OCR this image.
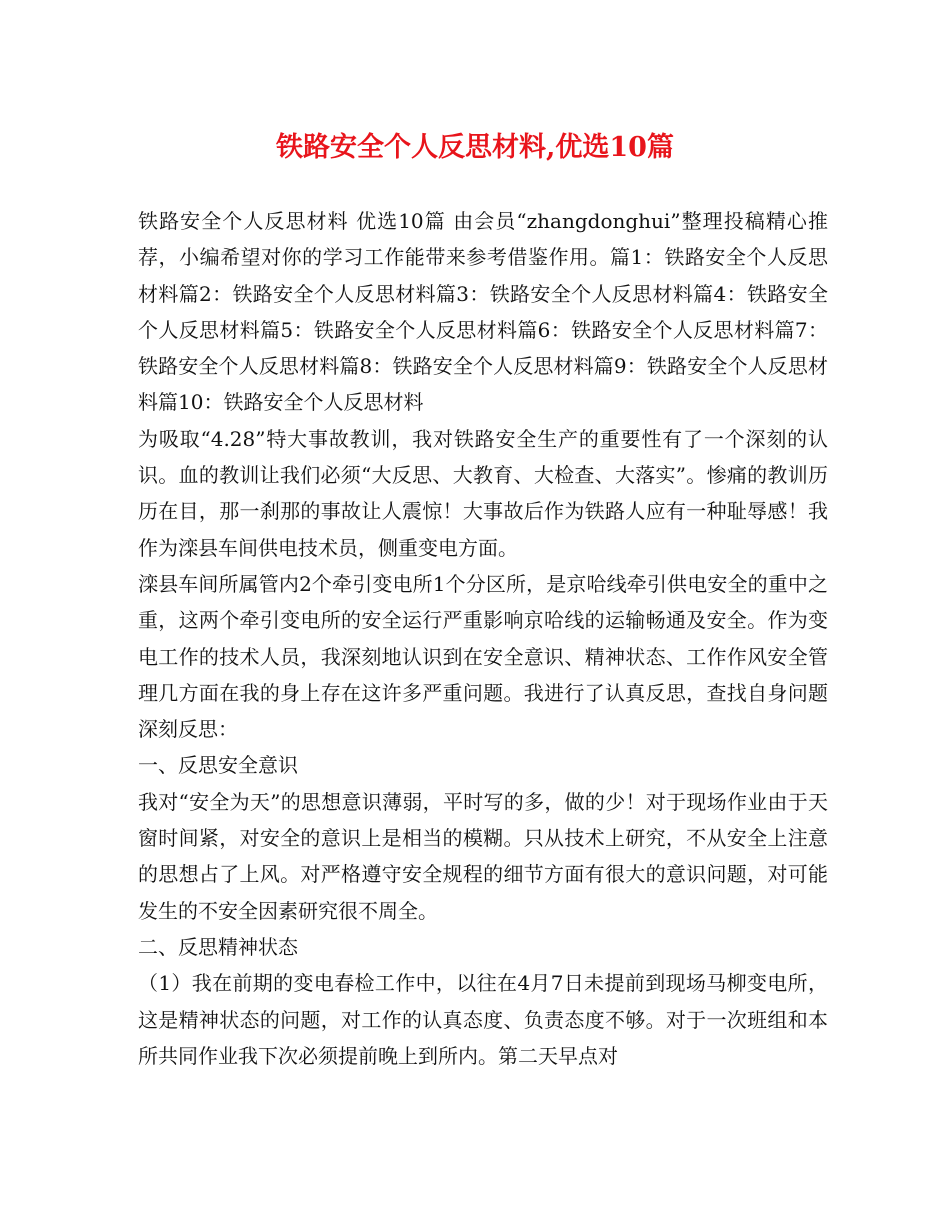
铁路安全个人反思材料,优选10篇

铁路安全个人反思材料 优选10篇 由会员“zhangdonghui”整理投稿精心推荐，小编希望对你的学习工作能带来参考借鉴作用。篇1：铁路安全个人反思材料篇2：铁路安全个人反思材料篇3：铁路安全个人反思材料篇4：铁路安全个人反思材料篇5：铁路安全个人反思材料篇6：铁路安全个人反思材料篇7：铁路安全个人反思材料篇8：铁路安全个人反思材料篇9：铁路安全个人反思材料篇10：铁路安全个人反思材料

为吸取“4.28”特大事故教训，我对铁路安全生产的重要性有了一个深刻的认识。血的教训让我们必须“大反思、大教育、大检查、大落实”。惨痛的教训历历在目，那一刹那的事故让人震惊！大事故后作为铁路人应有一种耻辱感！我作为滦县车间供电技术员，侧重变电方面。

滦县车间所属管内2个牵引变电所1个分区所，是京哈线牵引供电安全的重中之重，这两个牵引变电所的安全运行严重影响京哈线的运输畅通及安全。作为变电工作的技术人员，我深刻地认识到在安全意识、精神状态、工作作风安全管理几方面在我的身上存在这许多严重问题。我进行了认真反思，查找自身问题深刻反思：

一、反思安全意识

我对“安全为天”的思想意识薄弱，平时写的多，做的少！对于现场作业由于天窗时间紧，对安全的意识上是相当的模糊。只从技术上研究，不从安全上注意的思想占了上风。对严格遵守安全规程的细节方面有很大的意识问题，对可能发生的不安全因素研究很不周全。

二、反思精神状态

（1）我在前期的变电春检工作中，以往在4月7日未提前到现场马柳变电所，这是精神状态的问题，对工作的认真态度、负责态度不够。对于一次班组和本所共同作业我下次必须提前晚上到所内。第二天早点对
